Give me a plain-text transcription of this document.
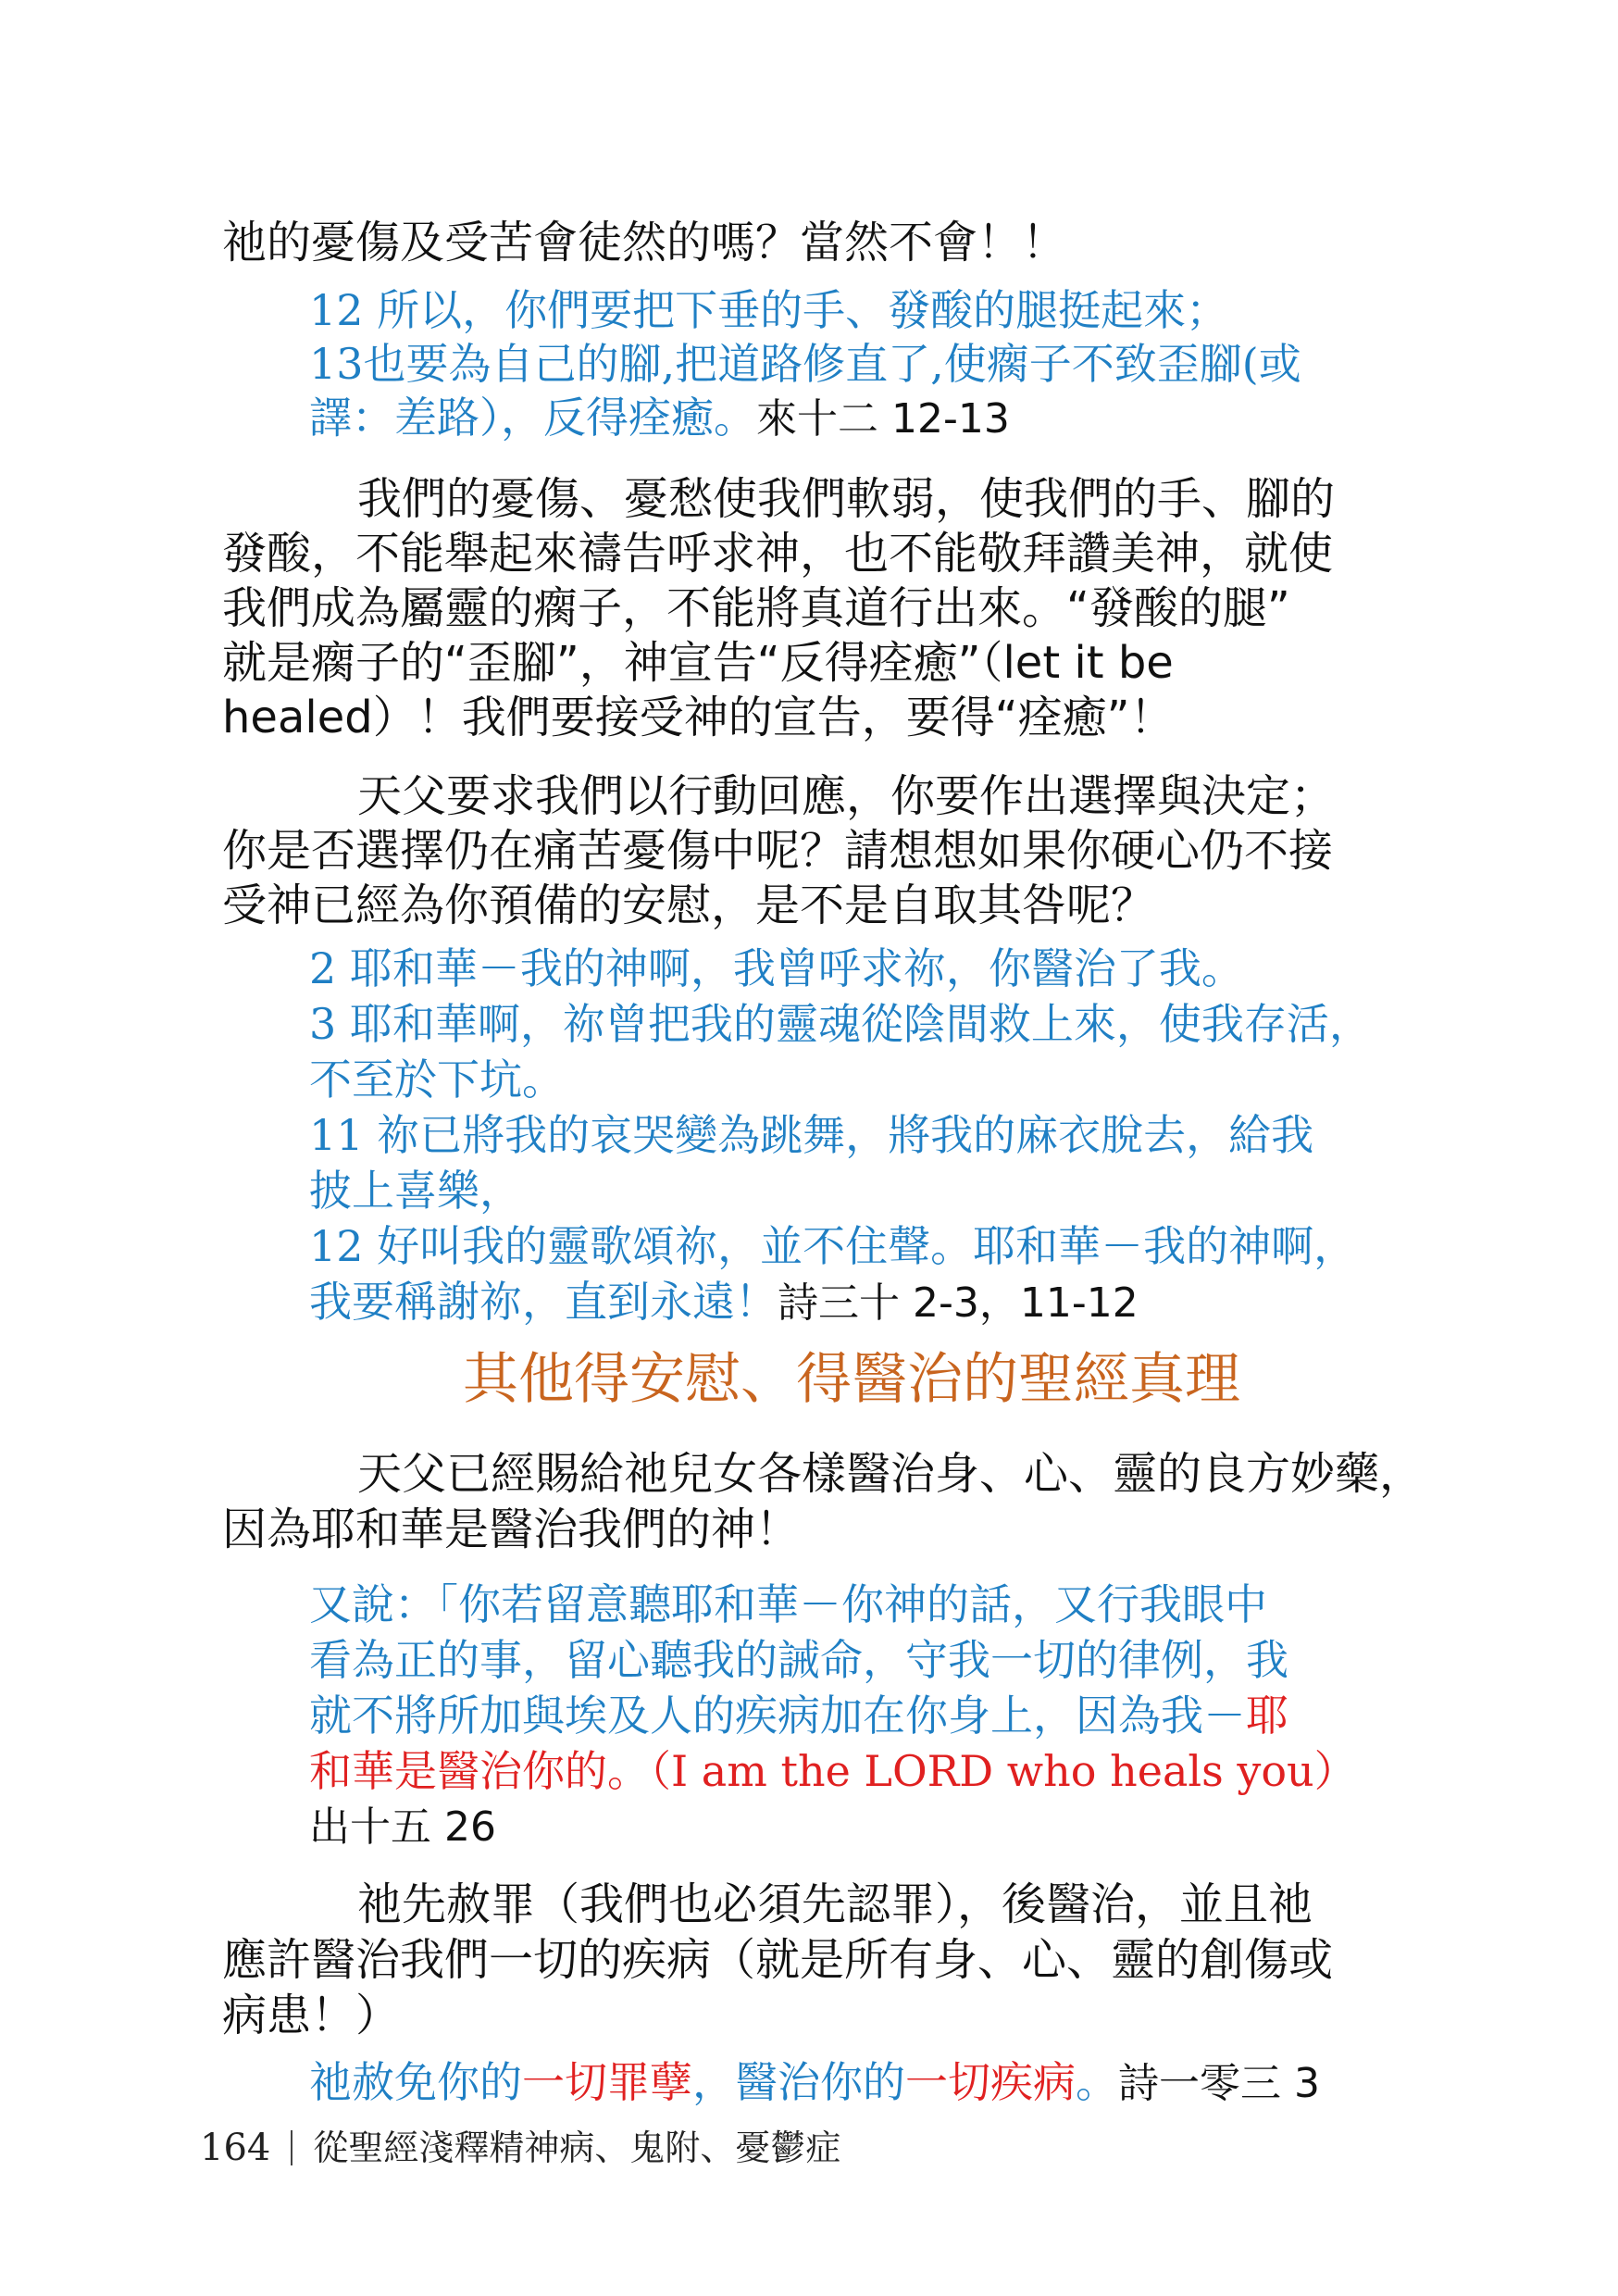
祂的憂傷及受苦會徒然的嗎？當然不會！！
12 所以，你們要把下垂的手、發酸的腿挺起來；
13也要為自己的腳,把道路修直了,使瘸子不致歪腳(或
譯：差路），反得痊癒。來十二 12-13
我們的憂傷、憂愁使我們軟弱，使我們的手、腳的
發酸，不能舉起來禱告呼求神，也不能敬拜讚美神，就使
我們成為屬靈的瘸子，不能將真道行出來。“發酸的腿”
就是瘸子的“歪腳”，神宣告“反得痊癒”（let it be
healed）！我們要接受神的宣告，要得“痊癒”！
天父要求我們以行動回應，你要作出選擇與決定；
你是否選擇仍在痛苦憂傷中呢？請想想如果你硬心仍不接
受神已經為你預備的安慰，是不是自取其咎呢？
2 耶和華－我的神啊，我曾呼求祢，你醫治了我。
3 耶和華啊，祢曾把我的靈魂從陰間救上來，使我存活，
不至於下坑。
11 祢已將我的哀哭變為跳舞，將我的麻衣脫去，給我
披上喜樂，
12 好叫我的靈歌頌祢，並不住聲。耶和華－我的神啊，
我要稱謝祢，直到永遠！詩三十 2-3，11-12
其他得安慰、得醫治的聖經真理
天父已經賜給祂兒女各樣醫治身、心、靈的良方妙藥，
因為耶和華是醫治我們的神！
又說：「你若留意聽耶和華－你神的話，又行我眼中
看為正的事，留心聽我的誡命，守我一切的律例，我
就不將所加與埃及人的疾病加在你身上，因為我－耶
和華是醫治你的。（I am the LORD who heals you）
出十五 26
祂先赦罪（我們也必須先認罪），後醫治，並且祂
應許醫治我們一切的疾病（就是所有身、心、靈的創傷或
病患！）
祂赦免你的一切罪孽，醫治你的一切疾病。詩一零三 3
164 從聖經淺釋精神病、鬼附、憂鬱症
